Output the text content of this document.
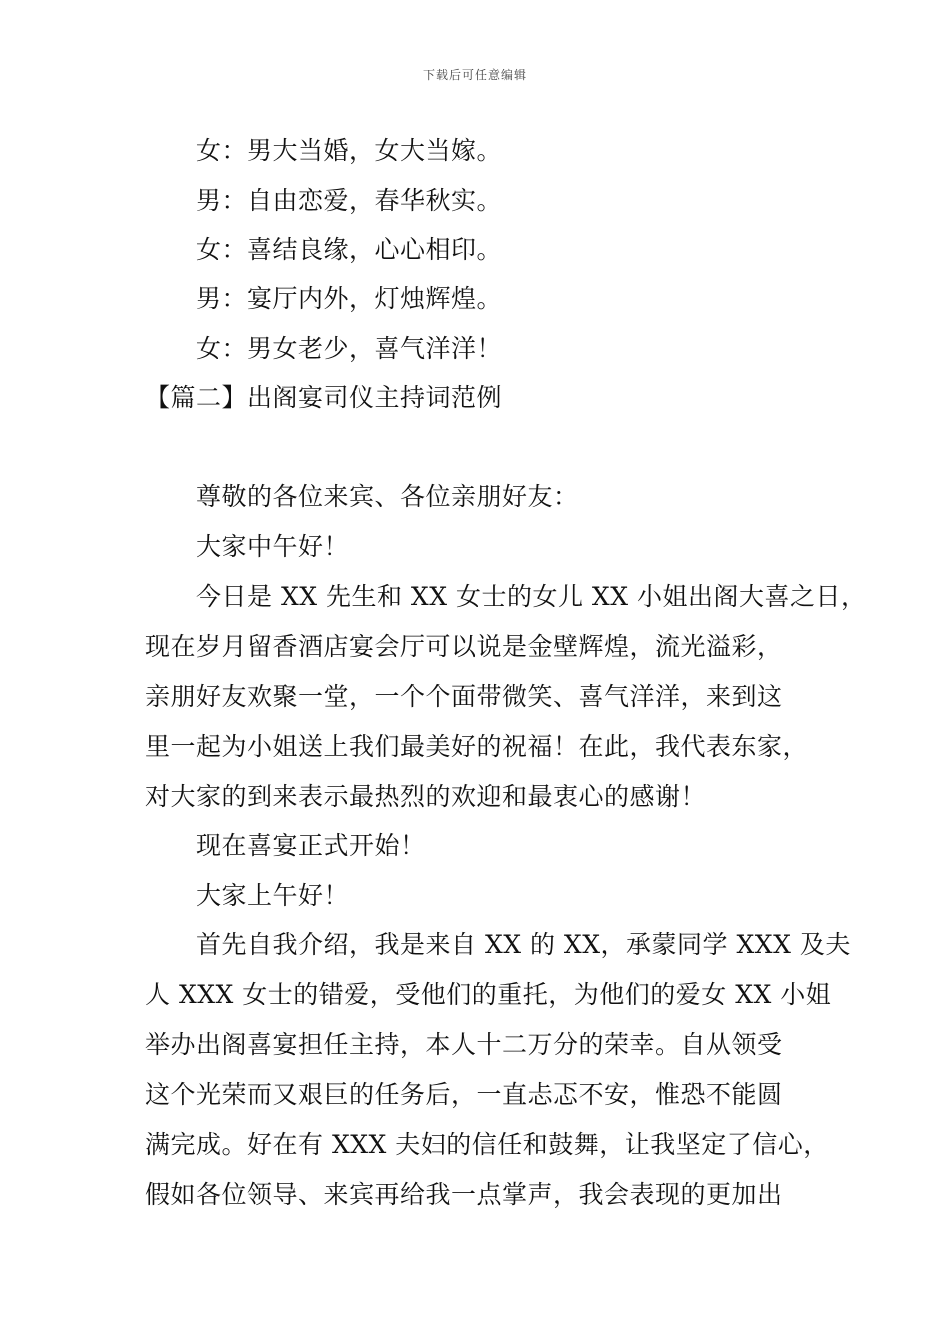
下载后可任意编辑
女：男大当婚，女大当嫁。
男：自由恋爱，春华秋实。
女：喜结良缘，心心相印。
男：宴厅内外，灯烛辉煌。
女：男女老少，喜气洋洋！
【篇二】出阁宴司仪主持词范例
尊敬的各位来宾、各位亲朋好友：
大家中午好！
今日是 XX 先生和 XX 女士的女儿 XX 小姐出阁大喜之日，
现在岁月留香酒店宴会厅可以说是金壁辉煌，流光溢彩，
亲朋好友欢聚一堂，一个个面带微笑、喜气洋洋，来到这
里一起为小姐送上我们最美好的祝福！在此，我代表东家，
对大家的到来表示最热烈的欢迎和最衷心的感谢！
现在喜宴正式开始！
大家上午好！
首先自我介绍，我是来自 XX 的 XX，承蒙同学 XXX 及夫
人 XXX 女士的错爱，受他们的重托，为他们的爱女 XX 小姐
举办出阁喜宴担任主持，本人十二万分的荣幸。自从领受
这个光荣而又艰巨的任务后，一直忐忑不安，惟恐不能圆
满完成。好在有 XXX 夫妇的信任和鼓舞，让我坚定了信心，
假如各位领导、来宾再给我一点掌声，我会表现的更加出
